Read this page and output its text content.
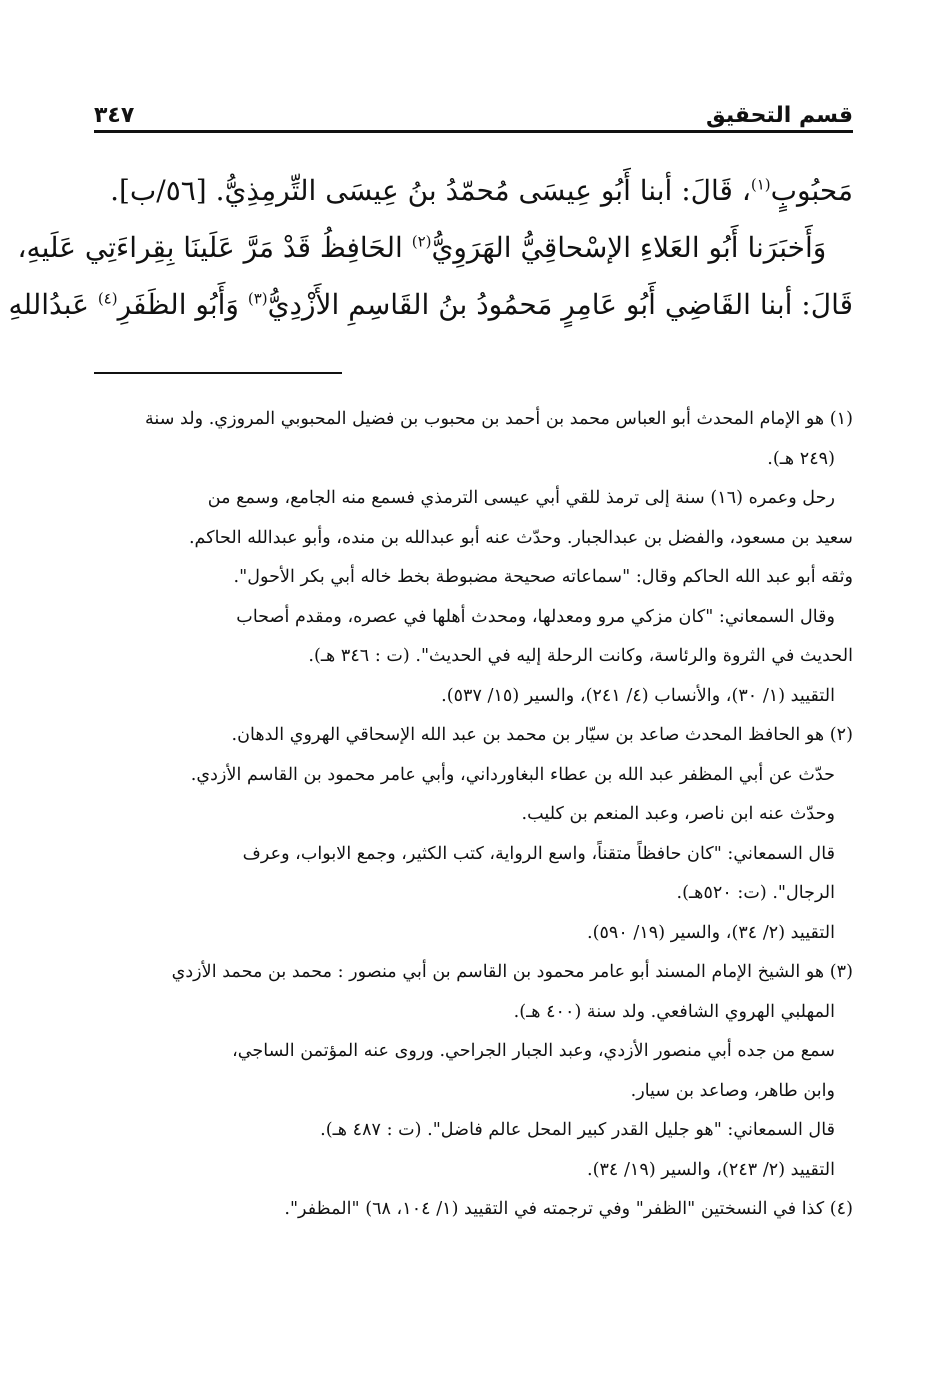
قسم التحقيق
٣٤٧

مَحبُوبٍ$^{(١)}$، قَالَ: أبنا أَبُو عِيسَى مُحمّدُ بنُ عِيسَى التِّرمِذِيُّ. [٥٦/ب].

وَأَخبَرَنا أَبُو العَلاءِ الإسْحاقِيُّ الهَرَوِيُّ$^{(٢)}$ الحَافِظُ قَدْ مَرَّ عَلَينَا بِقِراءَتِي عَلَيهِ،

قَالَ: أبنا القَاضِي أَبُو عَامِرٍ مَحمُودُ بنُ القَاسِمِ الأَزْدِيُّ$^{(٣)}$ وَأَبُو الظَفَرِ$^{(٤)}$ عَبدُاللهِ

(١) هو الإمام المحدث أبو العباس محمد بن أحمد بن محبوب بن فضيل المحبوبي المروزي. ولد سنة

(٢٤٩ هـ).

رحل وعمره (١٦) سنة إلى ترمذ للقي أبي عيسى الترمذي فسمع منه الجامع، وسمع من

سعيد بن مسعود، والفضل بن عبدالجبار. وحدّث عنه أبو عبدالله بن منده، وأبو عبدالله الحاكم.

وثقه أبو عبد الله الحاكم وقال: "سماعاته صحيحة مضبوطة بخط خاله أبي بكر الأحول".

وقال السمعاني: "كان مزكي مرو ومعدلها، ومحدث أهلها في عصره، ومقدم أصحاب

الحديث في الثروة والرئاسة، وكانت الرحلة إليه في الحديث". (ت : ٣٤٦ هـ).

التقييد (١/ ٣٠)، والأنساب (٤/ ٢٤١)، والسير (١٥/ ٥٣٧).

(٢) هو الحافظ المحدث صاعد بن سيّار بن محمد بن عبد الله الإسحاقي الهروي الدهان.

حدّث عن أبي المظفر عبد الله بن عطاء البغاورداني، وأبي عامر محمود بن القاسم الأزدي.

وحدّث عنه ابن ناصر، وعبد المنعم بن كليب.

قال السمعاني: "كان حافظاً متقناً، واسع الرواية، كتب الكثير، وجمع الابواب، وعرف

الرجال". (ت: ٥٢٠هـ).

التقييد (٢/ ٣٤)، والسير (١٩/ ٥٩٠).

(٣) هو الشيخ الإمام المسند أبو عامر محمود بن القاسم بن أبي منصور : محمد بن محمد الأزدي

المهلبي الهروي الشافعي. ولد سنة (٤٠٠ هـ).

سمع من جده أبي منصور الأزدي، وعبد الجبار الجراحي. وروى عنه المؤتمن الساجي،

وابن طاهر، وصاعد بن سيار.

قال السمعاني: "هو جليل القدر كبير المحل عالم فاضل". (ت : ٤٨٧ هـ).

التقييد (٢/ ٢٤٣)، والسير (١٩/ ٣٤).

(٤) كذا في النسختين "الظفر" وفي ترجمته في التقييد (١/ ١٠٤، ٦٨) "المظفر".
